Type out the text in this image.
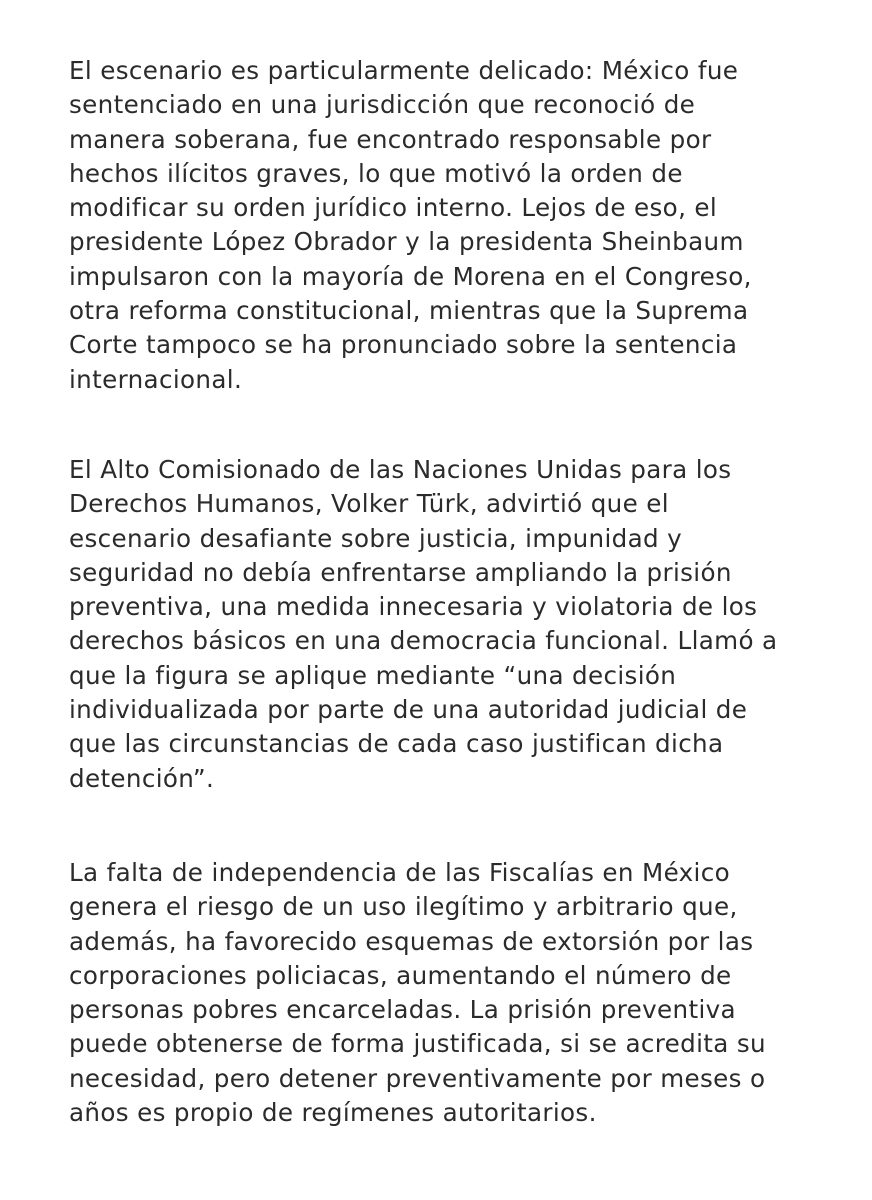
El escenario es particularmente delicado: México fue
sentenciado en una jurisdicción que reconoció de
manera soberana, fue encontrado responsable por
hechos ilícitos graves, lo que motivó la orden de
modificar su orden jurídico interno. Lejos de eso, el
presidente López Obrador y la presidenta Sheinbaum
impulsaron con la mayoría de Morena en el Congreso,
otra reforma constitucional, mientras que la Suprema
Corte tampoco se ha pronunciado sobre la sentencia
internacional.

El Alto Comisionado de las Naciones Unidas para los
Derechos Humanos, Volker Türk, advirtió que el
escenario desafiante sobre justicia, impunidad y
seguridad no debía enfrentarse ampliando la prisión
preventiva, una medida innecesaria y violatoria de los
derechos básicos en una democracia funcional. Llamó a
que la figura se aplique mediante “una decisión
individualizada por parte de una autoridad judicial de
que las circunstancias de cada caso justifican dicha
detención”.

La falta de independencia de las Fiscalías en México
genera el riesgo de un uso ilegítimo y arbitrario que,
además, ha favorecido esquemas de extorsión por las
corporaciones policiacas, aumentando el número de
personas pobres encarceladas. La prisión preventiva
puede obtenerse de forma justificada, si se acredita su
necesidad, pero detener preventivamente por meses o
años es propio de regímenes autoritarios.
